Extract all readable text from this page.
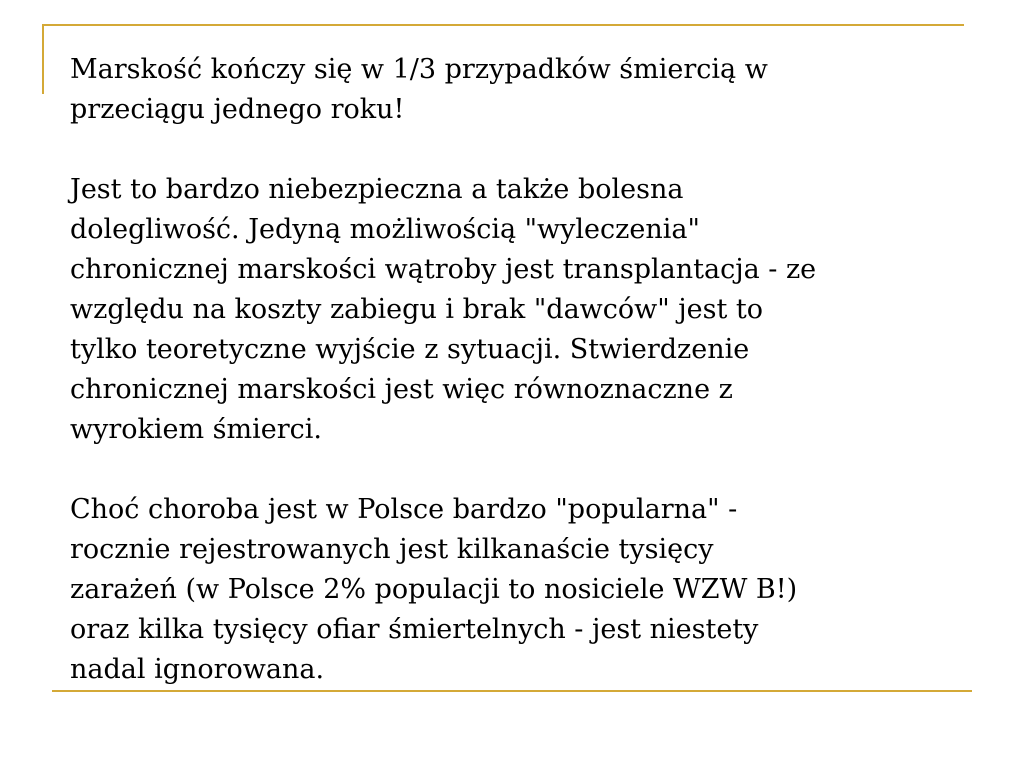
Marskość kończy się w 1/3 przypadków śmiercią w
przeciągu jednego roku!

Jest to bardzo niebezpieczna a także bolesna
dolegliwość. Jedyną możliwością "wyleczenia"
chronicznej marskości wątroby jest transplantacja - ze
względu na koszty zabiegu i brak "dawców" jest to
tylko teoretyczne wyjście z sytuacji. Stwierdzenie
chronicznej marskości jest więc równoznaczne z
wyrokiem śmierci.

Choć choroba jest w Polsce bardzo "popularna" -
rocznie rejestrowanych jest kilkanaście tysięcy
zarażeń (w Polsce 2% populacji to nosiciele WZW B!)
oraz kilka tysięcy ofiar śmiertelnych - jest niestety
nadal ignorowana.
